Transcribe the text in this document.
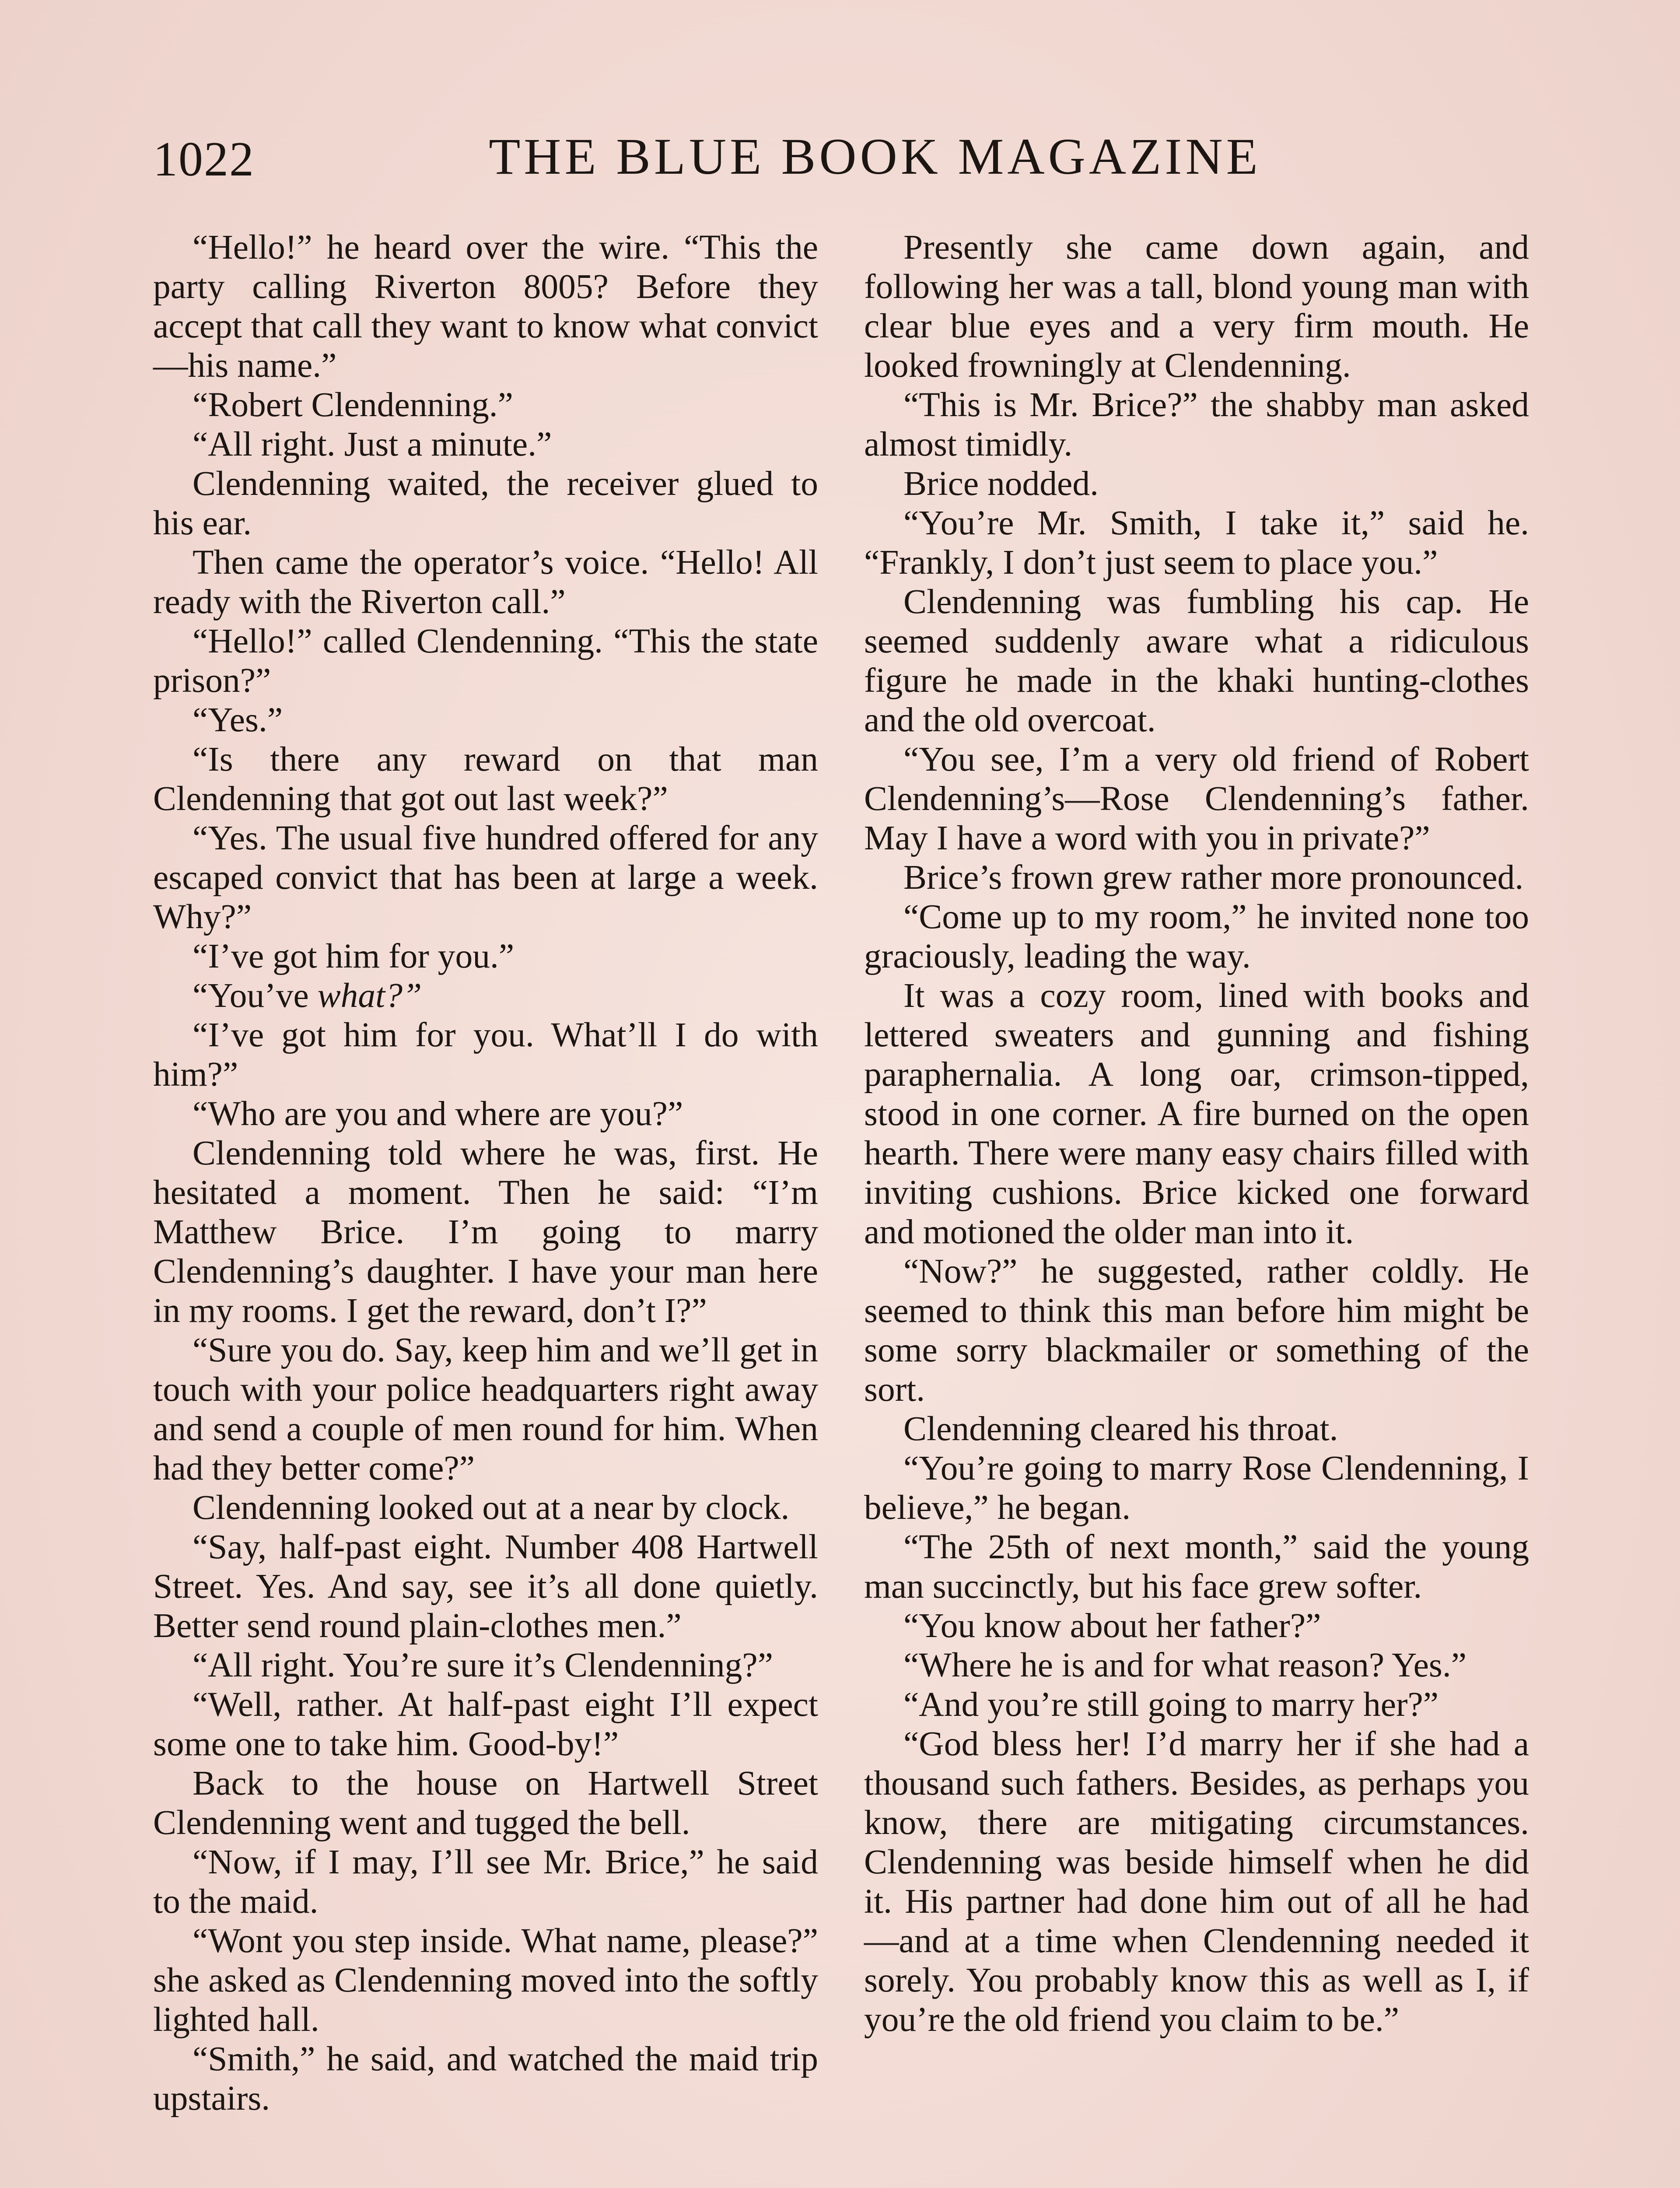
1022	THE BLUE BOOK MAGAZINE

“Hello!” he heard over the wire. “This the party calling Riverton 8005? Before they accept that call they want to know what convict—his name.”

“Robert Clendenning.”

“All right. Just a minute.”

Clendenning waited, the receiver glued to his ear.

Then came the operator’s voice. “Hello! All ready with the Riverton call.”

“Hello!” called Clendenning. “This the state prison?”

“Yes.”

“Is there any reward on that man Clendenning that got out last week?”

“Yes. The usual five hundred offered for any escaped convict that has been at large a week. Why?”

“I’ve got him for you.”

“You’ve what?”

“I’ve got him for you. What’ll I do with him?”

“Who are you and where are you?”

Clendenning told where he was, first. He hesitated a moment. Then he said: “I’m Matthew Brice. I’m going to marry Clendenning’s daughter. I have your man here in my rooms. I get the reward, don’t I?”

“Sure you do. Say, keep him and we’ll get in touch with your police headquarters right away and send a couple of men round for him. When had they better come?”

Clendenning looked out at a near by clock.

“Say, half-past eight. Number 408 Hartwell Street. Yes. And say, see it’s all done quietly. Better send round plain-clothes men.”

“All right. You’re sure it’s Clendenning?”

“Well, rather. At half-past eight I’ll expect some one to take him. Good-by!”

Back to the house on Hartwell Street Clendenning went and tugged the bell.

“Now, if I may, I’ll see Mr. Brice,” he said to the maid.

“Wont you step inside. What name, please?” she asked as Clendenning moved into the softly lighted hall.

“Smith,” he said, and watched the maid trip upstairs.

Presently she came down again, and following her was a tall, blond young man with clear blue eyes and a very firm mouth. He looked frowningly at Clendenning.

“This is Mr. Brice?” the shabby man asked almost timidly.

Brice nodded.

“You’re Mr. Smith, I take it,” said he. “Frankly, I don’t just seem to place you.”

Clendenning was fumbling his cap. He seemed suddenly aware what a ridiculous figure he made in the khaki hunting-clothes and the old overcoat.

“You see, I’m a very old friend of Robert Clendenning’s—Rose Clendenning’s father. May I have a word with you in private?”

Brice’s frown grew rather more pronounced.

“Come up to my room,” he invited none too graciously, leading the way.

It was a cozy room, lined with books and lettered sweaters and gunning and fishing paraphernalia. A long oar, crimson-tipped, stood in one corner. A fire burned on the open hearth. There were many easy chairs filled with inviting cushions. Brice kicked one forward and motioned the older man into it.

“Now?” he suggested, rather coldly. He seemed to think this man before him might be some sorry blackmailer or something of the sort.

Clendenning cleared his throat.

“You’re going to marry Rose Clendenning, I believe,” he began.

“The 25th of next month,” said the young man succinctly, but his face grew softer.

“You know about her father?”

“Where he is and for what reason? Yes.”

“And you’re still going to marry her?”

“God bless her! I’d marry her if she had a thousand such fathers. Besides, as perhaps you know, there are mitigating circumstances. Clendenning was beside himself when he did it. His partner had done him out of all he had —and at a time when Clendenning needed it sorely. You probably know this as well as I, if you’re the old friend you claim to be.”
